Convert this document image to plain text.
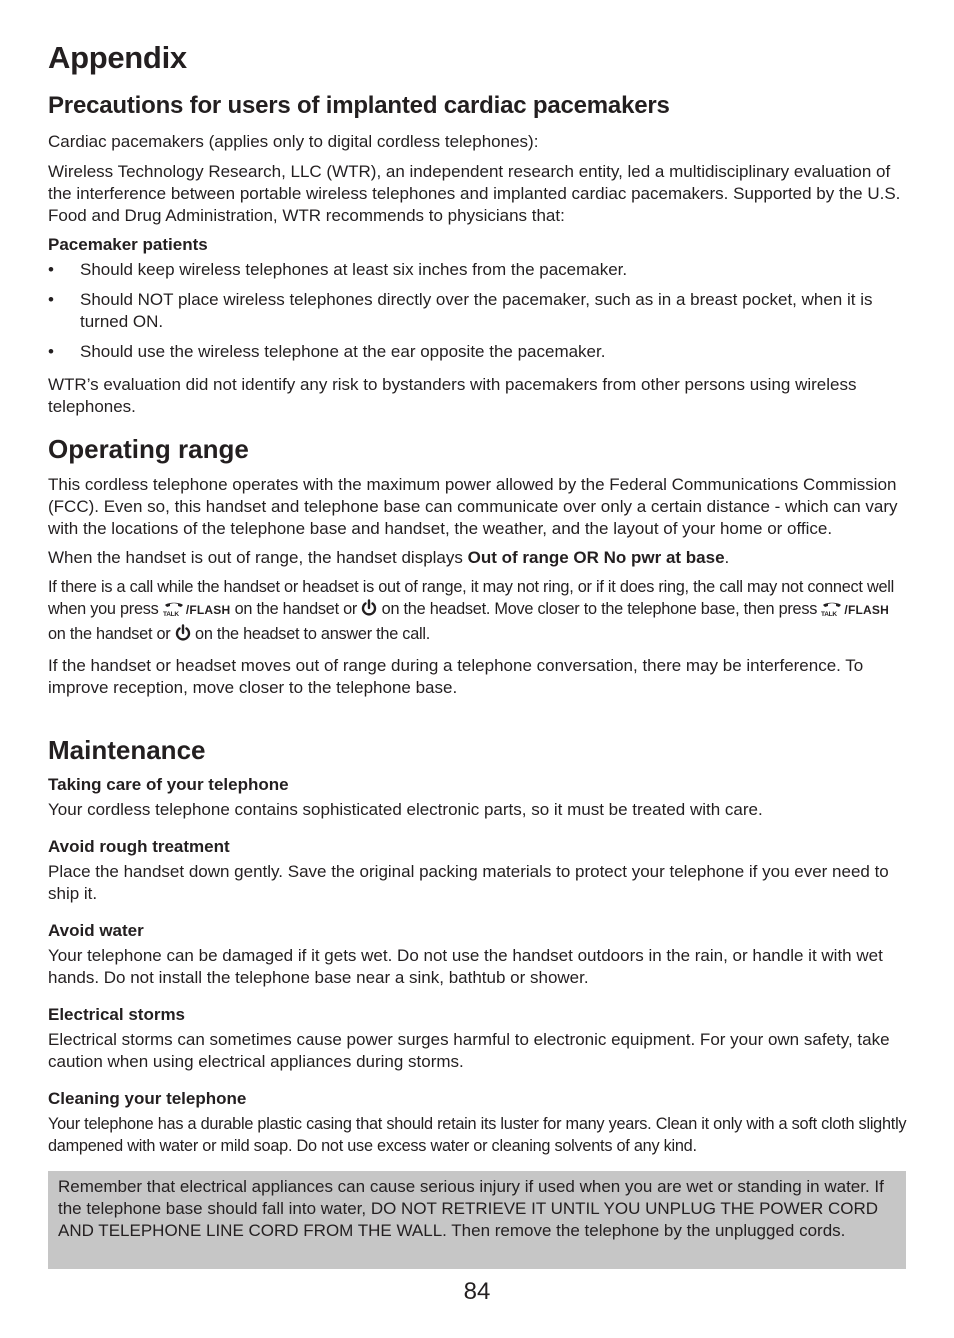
Appendix
Precautions for users of implanted cardiac pacemakers

Cardiac pacemakers (applies only to digital cordless telephones):

Wireless Technology Research, LLC (WTR), an independent research entity, led a multidisciplinary evaluation of the interference between portable wireless telephones and implanted cardiac pacemakers. Supported by the U.S. Food and Drug Administration, WTR recommends to physicians that:

Pacemaker patients

• Should keep wireless telephones at least six inches from the pacemaker.
• Should NOT place wireless telephones directly over the pacemaker, such as in a breast pocket, when it is turned ON.
• Should use the wireless telephone at the ear opposite the pacemaker.

WTR’s evaluation did not identify any risk to bystanders with pacemakers from other persons using wireless telephones.

Operating range

This cordless telephone operates with the maximum power allowed by the Federal Communications Commission (FCC). Even so, this handset and telephone base can communicate over only a certain distance - which can vary with the locations of the telephone base and handset, the weather, and the layout of your home or office.

When the handset is out of range, the handset displays Out of range OR No pwr at base.

If there is a call while the handset or headset is out of range, it may not ring, or if it does ring, the call may not connect well when you press TALK /FLASH on the handset or  on the headset. Move closer to the telephone base, then press TALK /FLASH on the handset or  on the headset to answer the call.

If the handset or headset moves out of range during a telephone conversation, there may be interference. To improve reception, move closer to the telephone base.

Maintenance

Taking care of your telephone

Your cordless telephone contains sophisticated electronic parts, so it must be treated with care.

Avoid rough treatment

Place the handset down gently. Save the original packing materials to protect your telephone if you ever need to ship it.

Avoid water

Your telephone can be damaged if it gets wet. Do not use the handset outdoors in the rain, or handle it with wet hands. Do not install the telephone base near a sink, bathtub or shower.

Electrical storms

Electrical storms can sometimes cause power surges harmful to electronic equipment. For your own safety, take caution when using electrical appliances during storms.

Cleaning your telephone

Your telephone has a durable plastic casing that should retain its luster for many years. Clean it only with a soft cloth slightly dampened with water or mild soap. Do not use excess water or cleaning solvents of any kind.

Remember that electrical appliances can cause serious injury if used when you are wet or standing in water. If the telephone base should fall into water, DO NOT RETRIEVE IT UNTIL YOU UNPLUG THE POWER CORD AND TELEPHONE LINE CORD FROM THE WALL. Then remove the telephone by the unplugged cords.
84
